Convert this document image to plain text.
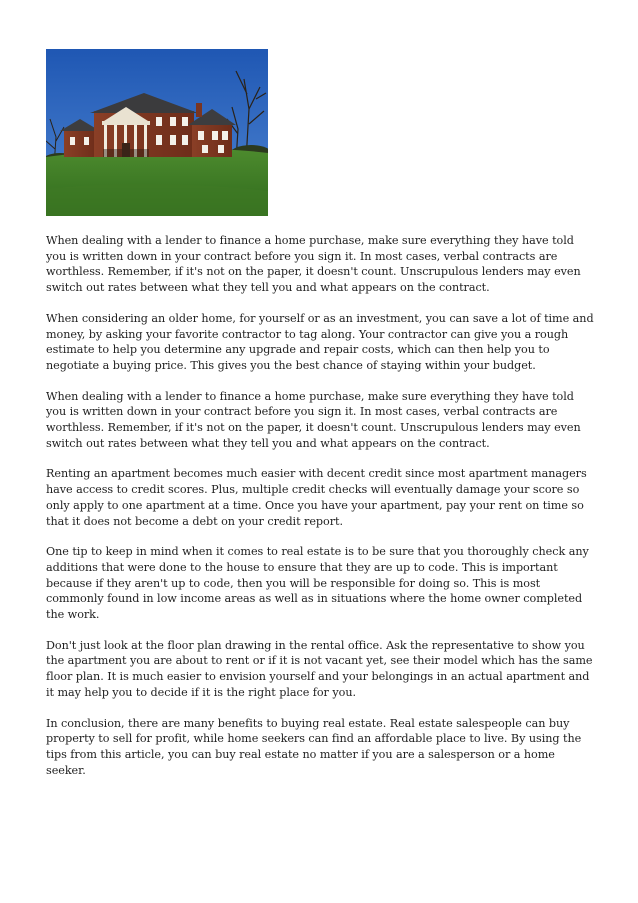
When dealing with a lender to finance a home purchase, make sure everything they have told you is written down in your contract before you sign it. In most cases, verbal contracts are worthless. Remember, if it's not on the paper, it doesn't count. Unscrupulous lenders may even switch out rates between what they tell you and what appears on the contract.

When considering an older home, for yourself or as an investment, you can save a lot of time and money, by asking your favorite contractor to tag along. Your contractor can give you a rough estimate to help you determine any upgrade and repair costs, which can then help you to negotiate a buying price. This gives you the best chance of staying within your budget.

When dealing with a lender to finance a home purchase, make sure everything they have told you is written down in your contract before you sign it. In most cases, verbal contracts are worthless. Remember, if it's not on the paper, it doesn't count. Unscrupulous lenders may even switch out rates between what they tell you and what appears on the contract.

Renting an apartment becomes much easier with decent credit since most apartment managers have access to credit scores. Plus, multiple credit checks will eventually damage your score so only apply to one apartment at a time. Once you have your apartment, pay your rent on time so that it does not become a debt on your credit report.

One tip to keep in mind when it comes to real estate is to be sure that you thoroughly check any additions that were done to the house to ensure that they are up to code. This is important because if they aren't up to code, then you will be responsible for doing so. This is most commonly found in low income areas as well as in situations where the home owner completed the work.

Don't just look at the floor plan drawing in the rental office. Ask the representative to show you the apartment you are about to rent or if it is not vacant yet, see their model which has the same floor plan. It is much easier to envision yourself and your belongings in an actual apartment and it may help you to decide if it is the right place for you.

In conclusion, there are many benefits to buying real estate. Real estate salespeople can buy property to sell for profit, while home seekers can find an affordable place to live. By using the tips from this article, you can buy real estate no matter if you are a salesperson or a home seeker.
